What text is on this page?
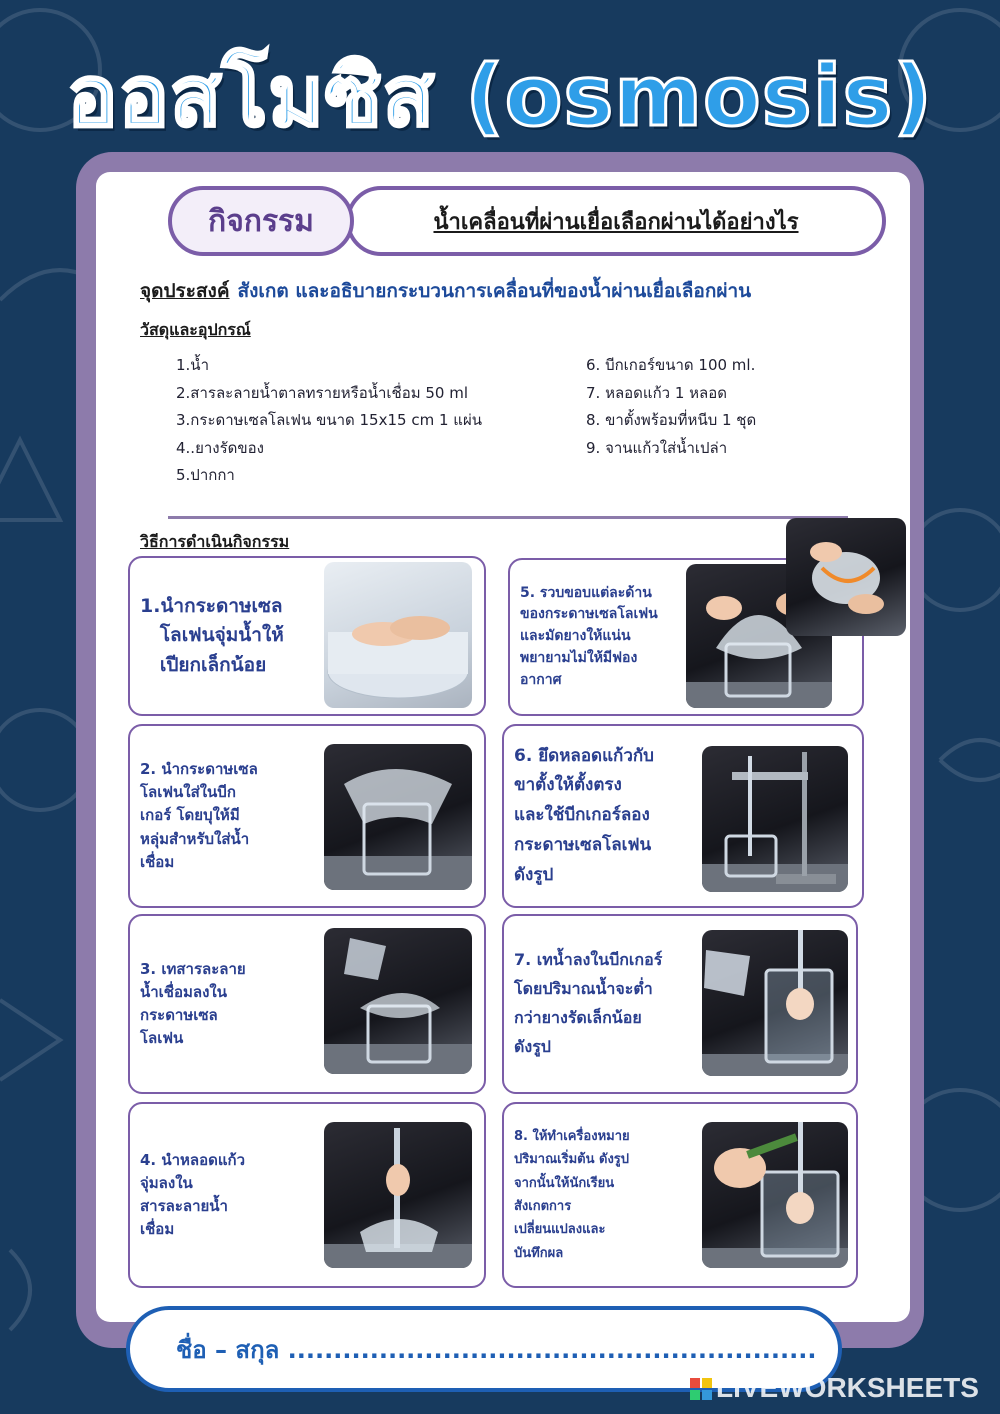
ออสโมซิส (osmosis)
น้ำเคลื่อนที่ผ่านเยื่อเลือกผ่านได้อย่างไร
กิจกรรม
จุดประสงค์ สังเกต และอธิบายกระบวนการเคลื่อนที่ของน้ำผ่านเยื่อเลือกผ่าน
วัสดุและอุปกรณ์
1.น้ำ
2.สารละลายน้ำตาลทรายหรือน้ำเชื่อม 50 ml
3.กระดาษเซลโลเฟน ขนาด 15x15 cm 1 แผ่น
4..ยางรัดของ
5.ปากกา
6. บีกเกอร์ขนาด 100 ml.
7. หลอดแก้ว 1 หลอด
8. ขาตั้งพร้อมที่หนีบ 1 ชุด
9. จานแก้วใส่น้ำเปล่า
วิธีการดำเนินกิจกรรม
1.นำกระดาษเซล
โลเฟนจุ่มน้ำให้
เปียกเล็กน้อย
2. นำกระดาษเซล
โลเฟนใส่ในบีก
เกอร์ โดยบุให้มี
หลุ่มสำหรับใส่น้ำ
เชื่อม
3. เทสารละลาย
น้ำเชื่อมลงใน
กระดาษเซล
โลเฟน
4. นำหลอดแก้ว
จุ่มลงใน
สารละลายน้ำ
เชื่อม
5. รวบขอบแต่ละด้าน
ของกระดาษเซลโลเฟน
และมัดยางให้แน่น
พยายามไม่ให้มีฟอง
อากาศ
6. ยึดหลอดแก้วกับ
ขาตั้งให้ตั้งตรง
และใช้บีกเกอร์ลอง
กระดาษเซลโลเฟน
ดังรูป
7. เทน้ำลงในบีกเกอร์
โดยปริมาณน้ำจะต่ำ
กว่ายางรัดเล็กน้อย
ดังรูป
8. ให้ทำเครื่องหมาย
ปริมาณเริ่มต้น ดังรูป
จากนั้นให้นักเรียน
สังเกตการ
เปลี่ยนแปลงและ
บันทึกผล
ชื่อ – สกุล ..........................................................
LIVEWORKSHEETS
